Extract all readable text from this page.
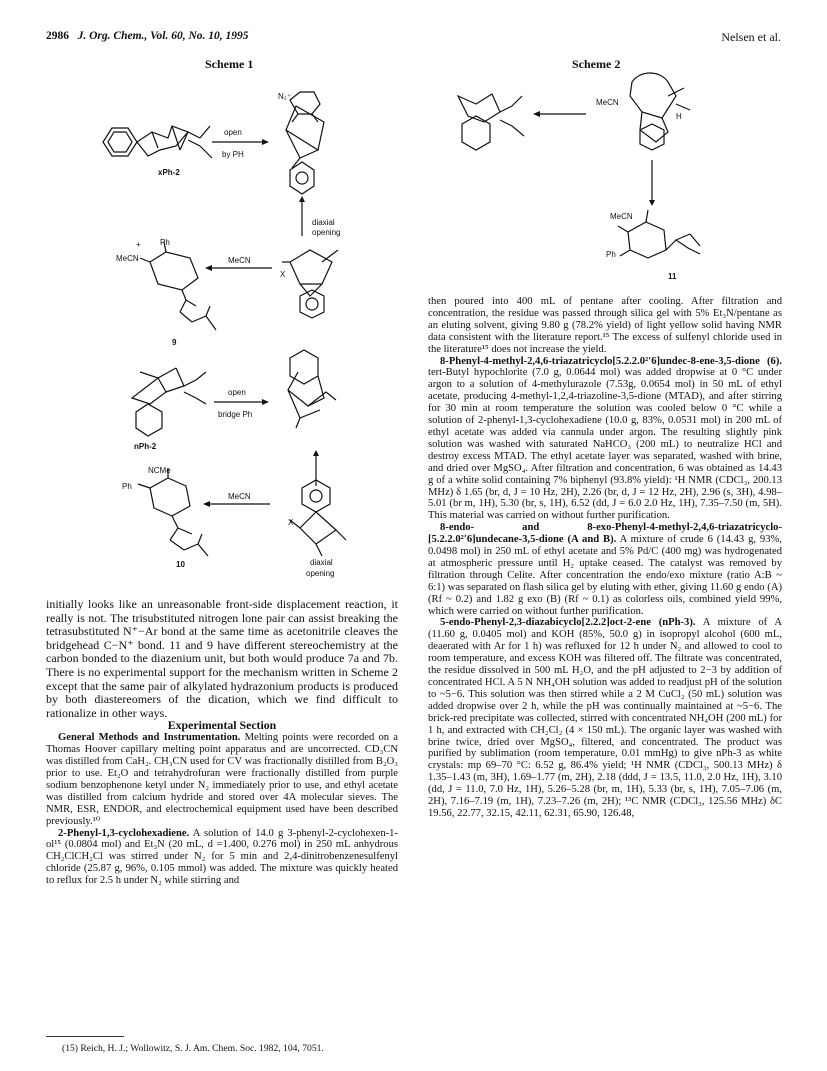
2986 J. Org. Chem., Vol. 60, No. 10, 1995	Nelsen et al.
Scheme 1	Scheme 2
xPh-2
open
by PH
N₂⁺
diaxial
opening
+ Ph
MeCN	MeCN
X
9
open
bridge Ph
nPh-2
NCMe
Ph
MeCN
X
10	diaxial
opening
MeCN
H
MeCN
Ph
11

initially looks like an unreasonable front-side displacement reaction, it really is not. The trisubstituted nitrogen lone pair can assist breaking the tetrasubstituted N⁺−Ar bond at the same time as acetonitrile cleaves the bridgehead C−N⁺ bond. 11 and 9 have different stereochemistry at the carbon bonded to the diazenium unit, but both would produce 7a and 7b. There is no experimental support for the mechanism written in Scheme 2 except that the same pair of alkylated hydrazonium products is produced by both diastereomers of the dication, which we find difficult to rationalize in other ways.

Experimental Section

General Methods and Instrumentation. Melting points were recorded on a Thomas Hoover capillary melting point apparatus and are uncorrected. CD₃CN was distilled from CaH₂. CH₃CN used for CV was fractionally distilled from B₂O₃ prior to use. Et₂O and tetrahydrofuran were fractionally distilled from purple sodium benzophenone ketyl under N₂ immediately prior to use, and ethyl acetate was distilled from calcium hydride and stored over 4A molecular sieves. The NMR, ESR, ENDOR, and electrochemical equipment used have been described previously.¹⁰

2-Phenyl-1,3-cyclohexadiene. A solution of 14.0 g 3-phenyl-2-cyclohexen-1-ol¹⁵ (0.0804 mol) and Et₃N (20 mL, d =1.400, 0.276 mol) in 250 mL anhydrous CH₂ClCH₂Cl was stirred under N₂ for 5 min and 2,4-dinitrobenzenesulfenyl chloride (25.87 g, 96%, 0.105 mmol) was added. The mixture was quickly heated to reflux for 2.5 h under N₂ while stirring and

then poured into 400 mL of pentane after cooling. After filtration and concentration, the residue was passed through silica gel with 5% Et₃N/pentane as an eluting solvent, giving 9.80 g (78.2% yield) of light yellow solid having NMR data consistent with the literature report.¹⁵ The excess of sulfenyl chloride used in the literature¹⁵ does not increase the yield.

8-Phenyl-4-methyl-2,4,6-triazatricyclo[5.2.2.0²ʹ6]undec-8-ene-3,5-dione (6). tert-Butyl hypochlorite (7.0 g, 0.0644 mol) was added dropwise at 0 °C under argon to a solution of 4-methylurazole (7.53g, 0.0654 mol) in 50 mL of ethyl acetate, producing 4-methyl-1,2,4-triazoline-3,5-dione (MTAD), and after stirring for 30 min at room temperature the solution was cooled below 0 °C while a solution of 2-phenyl-1,3-cyclohexadiene (10.0 g, 83%, 0.0531 mol) in 200 mL of ethyl acetate was added via cannula under argon. The resulting slightly pink solution was washed with saturated NaHCO₃ (200 mL) to neutralize HCl and destroy excess MTAD. The ethyl acetate layer was separated, washed with brine, and dried over MgSO₄. After filtration and concentration, 6 was obtained as 14.43 g of a white solid containing 7% biphenyl (93.8% yield): ¹H NMR (CDCl₃, 200.13 MHz) δ 1.65 (br, d, J = 10 Hz, 2H), 2.26 (br, d, J = 12 Hz, 2H), 2.96 (s, 3H), 4.98–5.01 (br m, 1H), 5.30 (br, s, 1H), 6.52 (dd, J = 6.0 2.0 Hz, 1H), 7.35–7.50 (m, 5H). This material was carried on without further purification.

8-endo- and 8-exo-Phenyl-4-methyl-2,4,6-triazatricyclo-[5.2.2.0²ʹ6]undecane-3,5-dione (A and B). A mixture of crude 6 (14.43 g, 93%, 0.0498 mol) in 250 mL of ethyl acetate and 5% Pd/C (400 mg) was hydrogenated at atmospheric pressure until H₂ uptake ceased. The catalyst was removed by filtration through Celite. After concentration the endo/exo mixture (ratio A:B ~ 6:1) was separated on flash silica gel by eluting with ether, giving 11.60 g endo (A) (Rf ~ 0.2) and 1.82 g exo (B) (Rf ~ 0.1) as colorless oils, combined yield 99%, which were carried on without further purification.

5-endo-Phenyl-2,3-diazabicyclo[2.2.2]oct-2-ene (nPh-3). A mixture of A (11.60 g, 0.0405 mol) and KOH (85%, 50.0 g) in isopropyl alcohol (600 mL, deaerated with Ar for 1 h) was refluxed for 12 h under N₂ and allowed to cool to room temperature, and excess KOH was filtered off. The filtrate was concentrated, the residue dissolved in 500 mL H₂O, and the pH adjusted to 2−3 by addition of concentrated HCl. A 5 N NH₄OH solution was added to readjust pH of the solution to ~5−6. This solution was then stirred while a 2 M CuCl₂ (50 mL) solution was added dropwise over 2 h, while the pH was continually maintained at ~5−6. The brick-red precipitate was collected, stirred with concentrated NH₄OH (200 mL) for 1 h, and extracted with CH₂Cl₂ (4 × 150 mL). The organic layer was washed with brine twice, dried over MgSO₄, filtered, and concentrated. The product was purified by sublimation (room temperature, 0.01 mmHg) to give nPh-3 as white crystals: mp 69–70 °C: 6.52 g, 86.4% yield; ¹H NMR (CDCl₃, 500.13 MHz) δ 1.35–1.43 (m, 3H), 1.69–1.77 (m, 2H), 2.18 (ddd, J = 13.5, 11.0, 2.0 Hz, 1H), 3.10 (dd, J = 11.0, 7.0 Hz, 1H), 5.26–5.28 (br, m, 1H), 5.33 (br, s, 1H), 7.05–7.06 (m, 2H), 7.16–7.19 (m, 1H), 7.23–7.26 (m, 2H); ¹³C NMR (CDCl₃, 125.56 MHz) δC 19.56, 22.77, 32.15, 42.11, 62.31, 65.90, 126.48,

(15) Reich, H. J.; Wollowitz, S. J. Am. Chem. Soc. 1982, 104, 7051.
